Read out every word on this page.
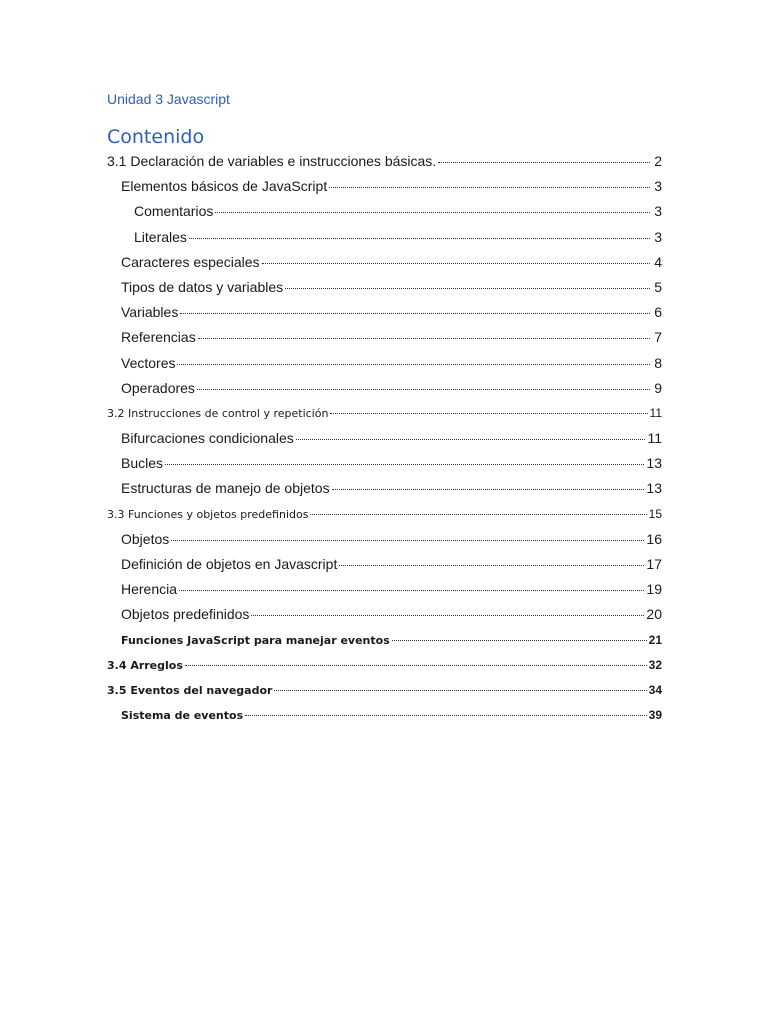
Unidad 3 Javascript
Contenido
3.1 Declaración de variables e instrucciones básicas.	2
Elementos básicos de JavaScript	3
Comentarios	3
Literales	3
Caracteres especiales	4
Tipos de datos y variables	5
Variables	6
Referencias	7
Vectores	8
Operadores	9
3.2 Instrucciones de control y repetición	11
Bifurcaciones condicionales	11
Bucles	13
Estructuras de manejo de objetos	13
3.3 Funciones y objetos predefinidos	15
Objetos	16
Definición de objetos en Javascript	17
Herencia	19
Objetos predefinidos	20
Funciones JavaScript para manejar eventos	21
3.4 Arreglos	32
3.5 Eventos del navegador	34
Sistema de eventos	39
